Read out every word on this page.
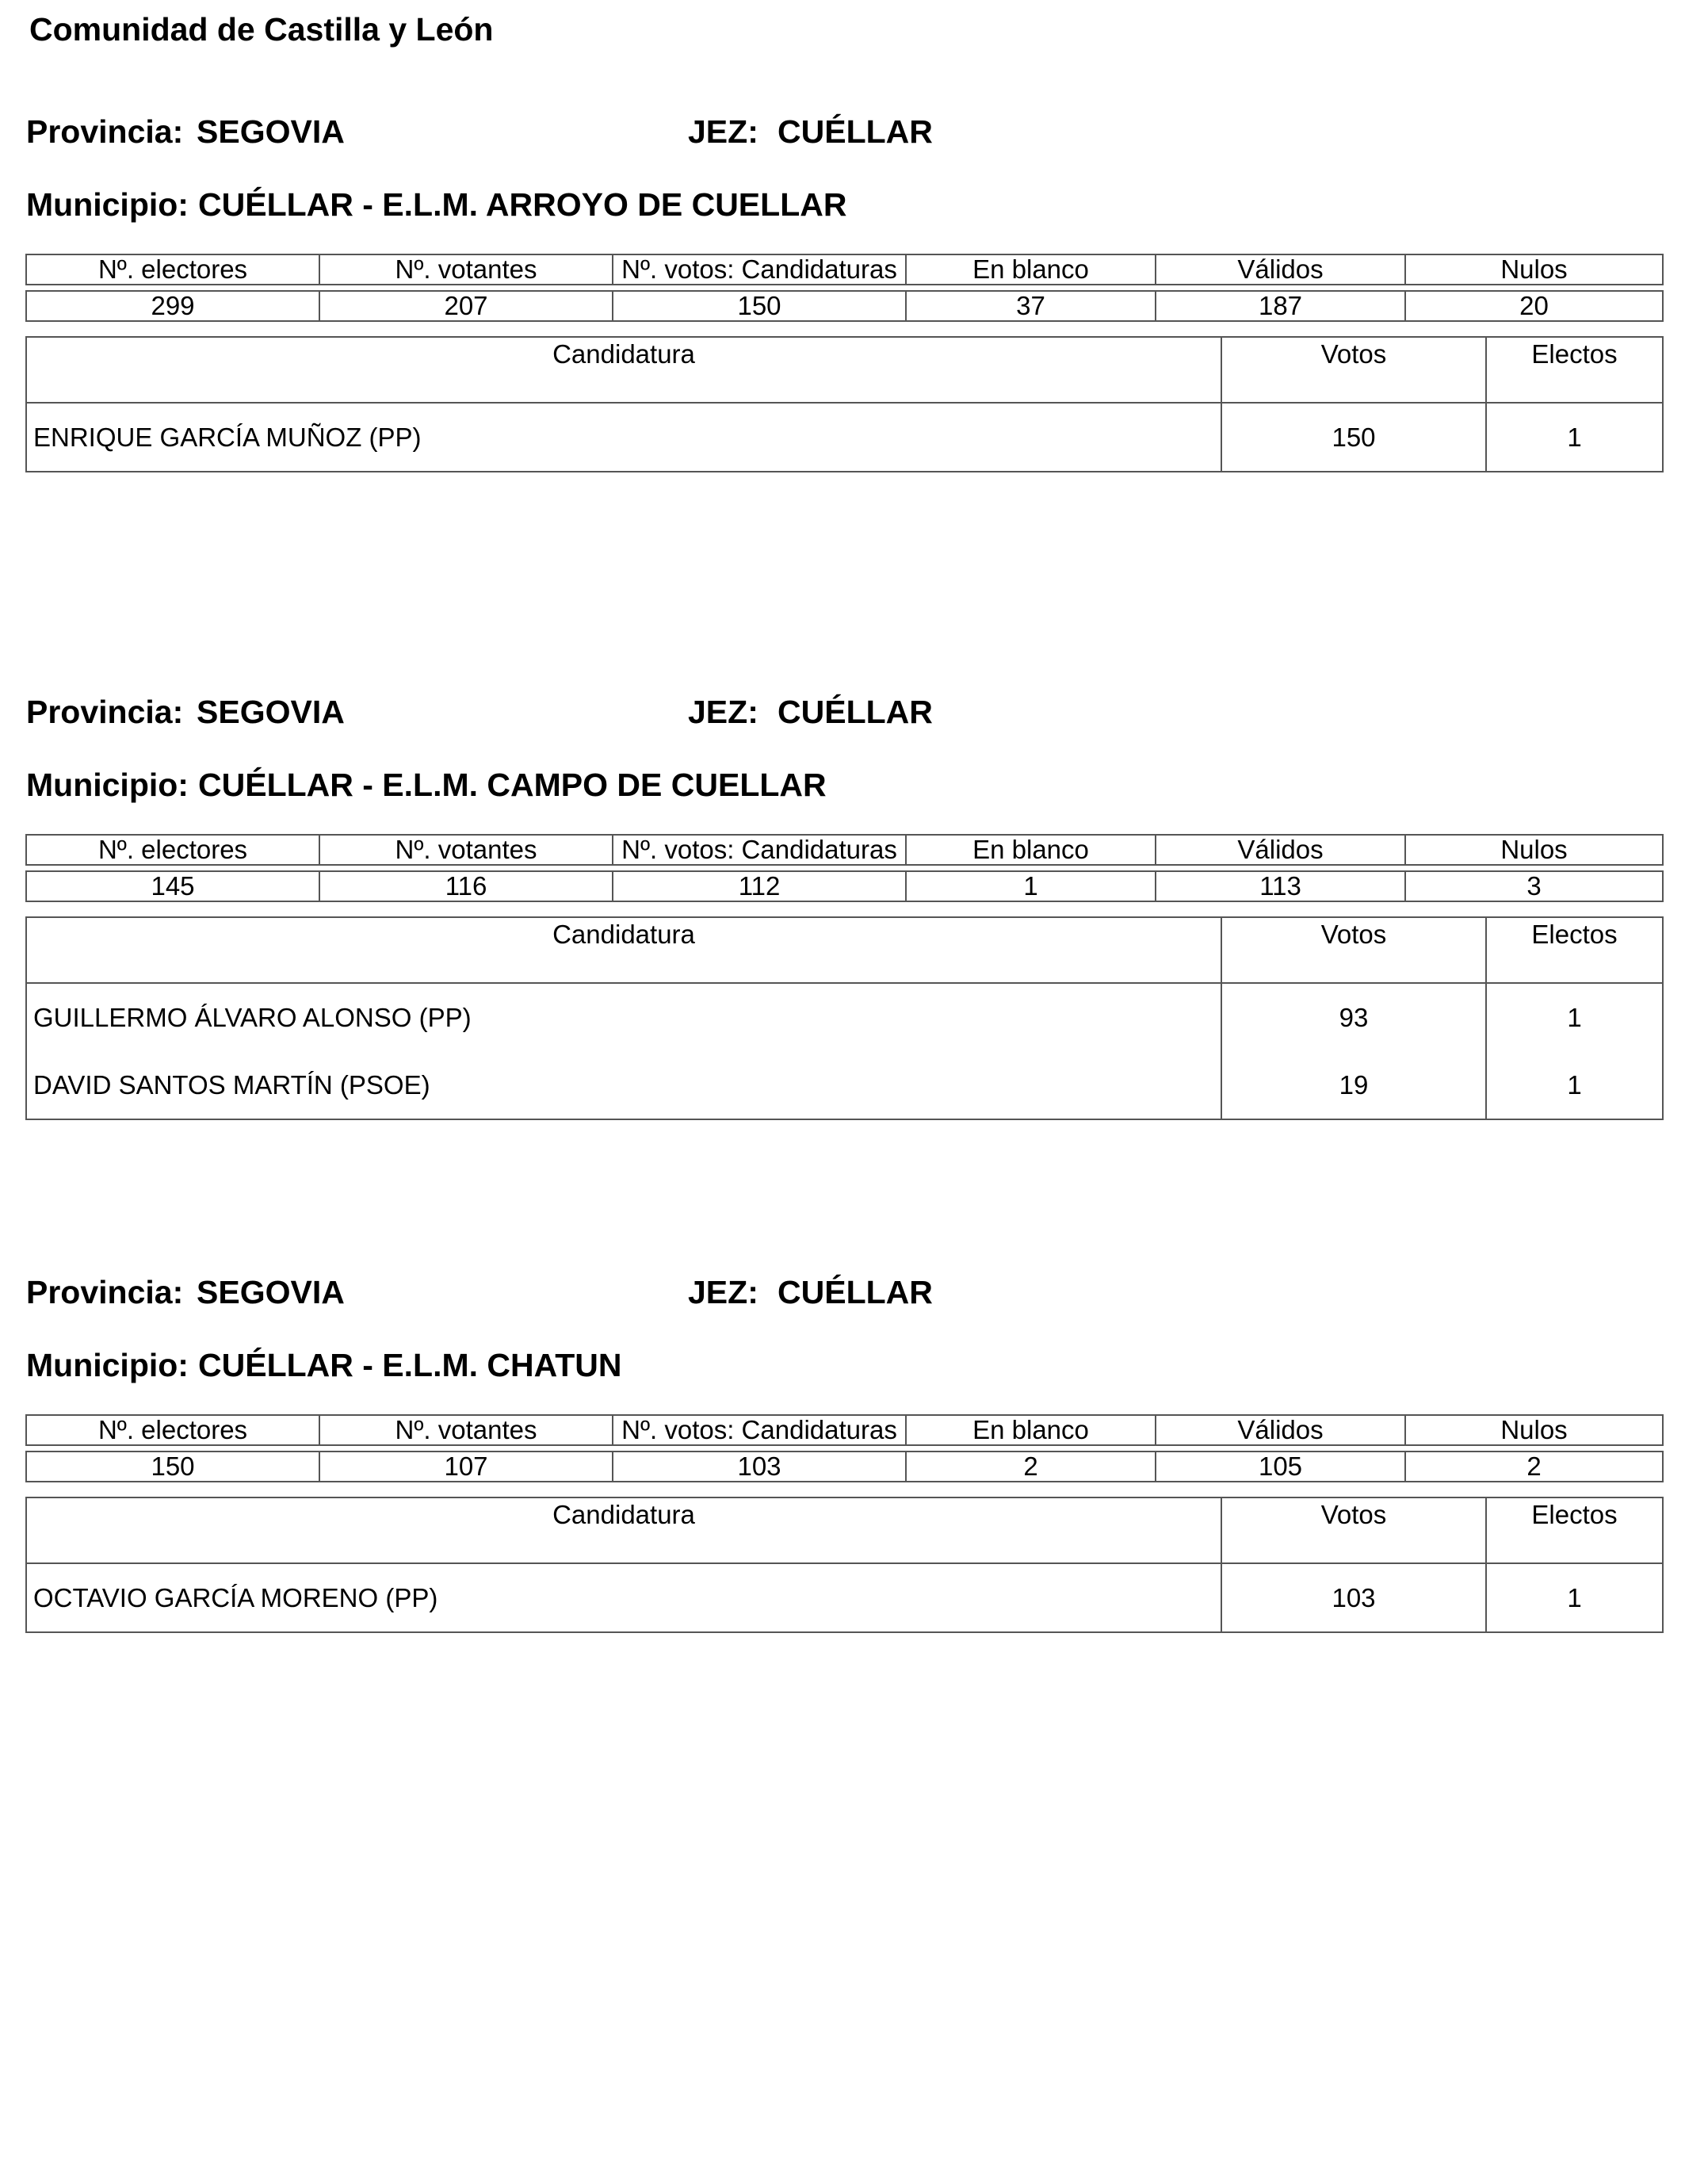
Comunidad de Castilla y León
Provincia: SEGOVIA	JEZ: CUÉLLAR
Municipio: CUÉLLAR - E.L.M. ARROYO DE CUELLAR
Nº. electores	Nº. votantes	Nº. votos: Candidaturas	En blanco	Válidos	Nulos

299	207	150	37	187	20
Candidatura	Votos	Electos
ENRIQUE GARCÍA MUÑOZ (PP)	150	1
Provincia: SEGOVIA	JEZ: CUÉLLAR
Municipio: CUÉLLAR - E.L.M. CAMPO DE CUELLAR
Nº. electores	Nº. votantes	Nº. votos: Candidaturas	En blanco	Válidos	Nulos

145	116	112	1	113	3
Candidatura	Votos	Electos
GUILLERMO ÁLVARO ALONSO (PP)	93	1
DAVID SANTOS MARTÍN (PSOE)	19	1
Provincia: SEGOVIA	JEZ: CUÉLLAR
Municipio: CUÉLLAR - E.L.M. CHATUN
Nº. electores	Nº. votantes	Nº. votos: Candidaturas	En blanco	Válidos	Nulos

150	107	103	2	105	2
Candidatura	Votos	Electos
OCTAVIO GARCÍA MORENO (PP)	103	1
